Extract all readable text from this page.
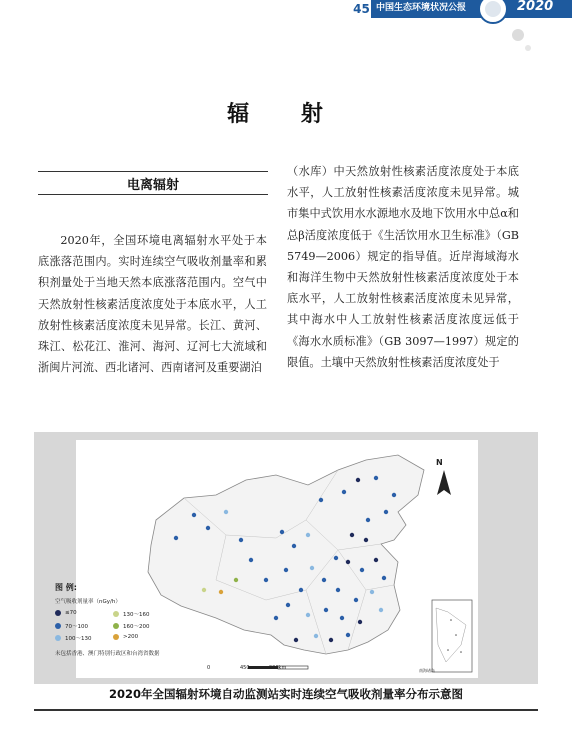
45 中国生态环境状况公报	2020
辐 射
电离辐射
2020年，全国环境电离辐射水平处于本底涨落范围内。实时连续空气吸收剂量率和累积剂量处于当地天然本底涨落范围内。空气中天然放射性核素活度浓度处于本底水平，人工放射性核素活度浓度未见异常。长江、黄河、珠江、松花江、淮河、海河、辽河七大流域和浙闽片河流、西北诸河、西南诸河及重要湖泊
（水库）中天然放射性核素活度浓度处于本底水平，人工放射性核素活度浓度未见异常。城市集中式饮用水水源地水及地下饮用水中总α和总β活度浓度低于《生活饮用水卫生标准》（GB 5749—2006）规定的指导值。近岸海域海水和海洋生物中天然放射性核素活度浓度处于本底水平，人工放射性核素活度浓度未见异常，其中海水中人工放射性核素活度浓度远低于《海水水质标准》（GB 3097—1997）规定的限值。土壤中天然放射性核素活度浓度处于
图 例:
空气吸收剂量率（nGy/h）
≤70	130～160
70～100	160～200
100～130	>200
未包括香港、澳门特别行政区和台湾省数据
0	450	900km
N
南海诸岛
2020年全国辐射环境自动监测站实时连续空气吸收剂量率分布示意图
